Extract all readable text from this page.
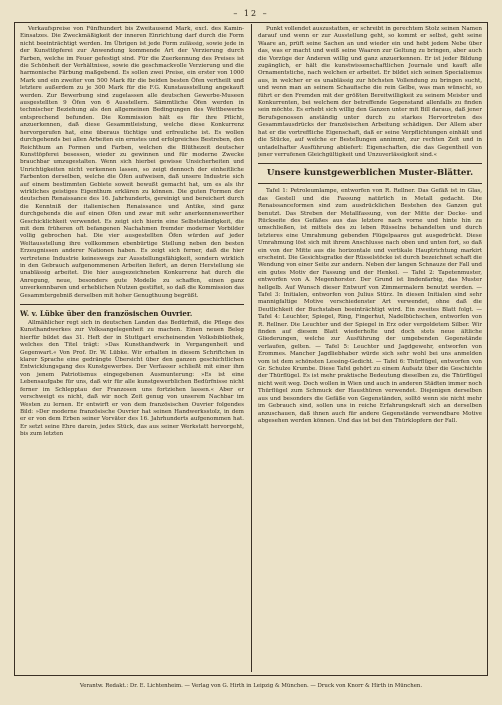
– 12 –

Verkaufspreise von Fünfhundert bis Zweitausend Mark, excl. des Kamin-Einsatzes. Die Zweckmäßigkeit der inneren Einrichtung darf durch die Form nicht beeinträchtigt werden. Im Übrigen ist jede Form zulässig, sowie jede in der Kunsttöpferei zur Anwendung kommende Art der Verzierung durch Farben, welche im Feuer gefestigt sind. Für die Zuerkennung des Preises ist die Schönheit der Verhältnisse, sowie die geschmackvolle Verzierung und die harmonische Färbung maßgebend. Es sollen zwei Preise, ein erster von 1000 Mark und ein zweiter von 500 Mark für die beiden besten Öfen vertheilt und letztere außerdem zu je 300 Mark für die F.G. Kunstausstellung angekauft werden. Zur Bewerbung sind zugelassen alle deutschen Gewerbe-Museen ausgestellten 9 Öfen von 6 Ausstellern. Sämmtliche Öfen werden in technischer Beziehung als den allgemeinen Bedingungen des Wettbewerbs entsprechend befunden. Die Kommission hält es für ihre Pflicht, anzuerkennen, daß diese Gesammtleistung, welche diese Konkurrenz hervorgerufen hat, eine überaus tüchtige und erfreuliche ist. Es wollen durchgehends bei allen Arbeiten ein ernstes und erfolgreiches Bestreben, den Reichthum an Formen und Farben, welchen die Blüthezeit deutscher Kunsttöpferei besessen, wieder zu gewinnen und für moderne Zwecke brauchbar umzugestalten. Wenn sich hierbei gewisse Unsicherheiten und Unrichtigkeiten nicht verkennen lassen, so zeigt dennoch der einheitliche Farbenton derselben, welche die Öfen aufweisen, daß unsere Industrie sich auf einem bestimmten Gebiete soweit bewußt gemacht hat, um es als ihr wirkliches geistiges Eigenthum erklären zu können. Die guten Formen der deutschen Renaissance des 16. Jahrhunderts, gereinigt und bereichert durch die Kenntniß der italienischen Renaissance und Antike, sind ganz durchgehends die auf einen Ofen und zwar mit sehr anerkennenswerther Geschicklichkeit verwendet. Es zeigt sich hierin eine Selbstständigkeit, die mit dem früheren oft befangenen Nachahmen fremder moderner Vorbilder vollig gebrochen hat. Die vier ausgestellten Öfen würden auf jeder Weltausstellung ihre vollkommen ebenbürtige Stellung neben den besten Erzeugnissen anderer Nationen haben. Es zeigt sich ferner, daß die hier vertretene Industrie keineswegs zur Ausstellungsfähigkeit, sondern wirklich in den Gebrauch aufgenommenen Arbeiten liefert, an deren Herstellung sie unablässig arbeitet. Die hier ausgezeichneten Konkurrenz hat durch die Anregung, neue, besonders gute Modelle zu schaffen, einen ganz unverkennbaren und erheblichen Nutzen gestiftet, so daß die Kommission das Gesammtergebniß derselben mit hoher Genugthuung begrüßt.

W. v. Lübke über den französischen Ouvrier.

Allmählicher regt sich in deutschen Landen das Bedürfniß, die Pflege des Kunsthandwerkes zur Volksangelegenheit zu machen. Einen neuen Beleg hierfür bildet das 31. Heft der in Stuttgart erscheinenden Volksbibliothek, welches den Titel trägt: »Das Kunsthandwerk in Vergangenheit und Gegenwart.« Von Prof. Dr. W. Lübke. Wir erhalten in diesem Schriftchen in klarer Sprache eine gedrängte Übersicht über den ganzen geschichtlichen Entwicklungsgang des Kunstgewerbes. Der Verfasser schließt mit einer ihm von jenem Patriotismus eingegebenen Ausmunterung: »Es ist eine Lebensaufgabe für uns, daß wir für alle kunstgewerblichen Bedürfnisse nicht ferner im Schlepptau der Franzosen uns fortziehen lassen.« Aber er verschweigt es nicht, daß wir noch Zeit genug von unserem Nachbar im Westen zu lernen. Er entwirft er von dem französischen Ouvrier folgendes Bild: »Der moderne französische Ouvrier hat seinen Handwerksstolz, in dem er er von dem Erben seiner Vorväter des 16. Jahrhunderts aufgenommen hat. Er setzt seine Ehre darein, jedes Stück, das aus seiner Werkstatt hervorgeht, bis zum letzten

Punkt vollendet auszustatten, er schreibt in gerechtem Stolz seinen Namen darauf und wenn er zur Ausstellung geht, so kommt er selbst, geht seine Waare an, prüft seine Sachen an und wieder ein und hebt jedem Nebe über das, was er macht und weiß seine Waaren zur Geltung zu bringen, aber auch die Vorzüge der Anderen willig und ganz anzuerkennen. Er ist jeder Bildung zugänglich, er hält die kunstwissenschaftlichen Journale und kauft alle Ornamentstiche, nach welchen er arbeitet. Er bildet sich seinen Specialismus aus, in welcher er es unablässig zur höchsten Vollendung zu bringen sucht, und wenn man an seinem Schaufische die rein Gelbe, was man wünscht, so führt er den Fremden mit der größten Bereitwilligkeit zu seinem Meister und Konkurrenten, bei welchem der betreffende Gegenstand allenfalls zu finden sein möchte. Es erhebt sich willig den Ganzen unter mit Bill daraus, daß jener Berufsgenossen anständig unter durch zu starkes Hervortreten des Gesammtausdrücks der französischen Arbeitung schädigen. Der Allem aber hat er die vortreffliche Eigenschaft, daß er seine Verpflichtungen einhält und die Stücke, auf welche er Bestellungen annimmt, zur rechten Zeit und in untadelhafter Ausführung abliefert: Eigenschaften, die das Gegentheil von jener verrufenen Gleichgültigkeit und Unzuverlässigkeit sind.«

Unsere kunstgewerblichen Muster-Blätter.

Tafel 1: Petroleumlampe, entworfen von R. Rellner. Das Gefäß ist in Glas, das Gestell und die Fassung natürlich in Metall gedacht. Die Renaissanceformen sind zum ausdrücklichen Bestehen des Ganzen gut benutzt. Das Streben der Metallfassung, von der Mitte der Decke- und Rückseite des Gefäßes aus das letztere nach vorne und hinte hin zu umschließen, ist mittels des zu leben Rüsselns behandelten und durch letzteres eine Umrahmung gebenden Flügelpaares gut ausgedrückt. Diese Umrahmung löst sich mit ihrem Anschlusse nach oben und unten fort, so daß ein von der Mitte aus die horizontale und vertikale Hauptrichtung markirt erscheint. Die Gesichtsgratke der Rüsselstöcke ist durch bezeichnet schaft die Wendung von einer Seite zur andern. Neben der langen Schnauze der Fall und ein gutes Motiv der Fassung und der Henkel. — Tafel 2: Tapetenmuster, entworfen von A. Megenhorster. Der Grund ist lindenfarbig, das Muster hellgelb. Auf Wunsch dieser Entwurf von Zimmermalern benutzt werden. — Tafel 3: Initialen, entworfen von Julius Stürz. In diesen Initialen sind sehr mannigfaltige Motive verschiedenster Art verwendet, ohne daß die Deutlichkeit der Buchstaben beeinträchtigt wird. Ein zweites Blatt folgt. — Tafel 4: Leuchter, Spiegel, Ring, Fingerhut, Nadelbüchschen, entworfen von R. Rellner. Die Leuchter und der Spiegel in Erz oder vergoldetem Silber. Wir finden auf diesem Blatt wiederholte und doch stets neue ältliche Gliederungen, welche zur Ausführung der umgebenden Gegenstände verlaufen, gelten. — Tafel 5: Leuchter und Jagdgewehr, entworfen von Erommes. Mancher Jagdliebhaber würde sich sehr wohl bei uns anmelden vom ist dem schönsten Lessing-Gedicht. — Tafel 6: Thürflügel, entworfen von Gr. Schulze Krumbe. Diese Tafel gehört zu einem Aufsatz über die Geschichte der Thürflügel. Es ist mehr praktische Bedeutung dieselben zu, die Thürflügel nicht weit weg. Doch wollen in Wien und auch in anderen Städten immer noch Thürflügel zum Schmuck der Hausthüren verwendet. Diejenigen derselben aus und besonders die Gefäße von Gegenständen, solltö wenn sie nicht mehr im Gebrauch sind, sollen uns in reiche Erfahrungskraft sich an derselben anzuschauen, daß ihnen auch für andere Gegenstände verwendbare Motive abgesehen werden können. Und das ist bei den Thürklopfern der Fall.

Verantw. Redakt.: Dr. E. Lichtenheim. — Verlag von G. Hirth in Leipzig & München. — Druck von Knorr & Hirth in München.
